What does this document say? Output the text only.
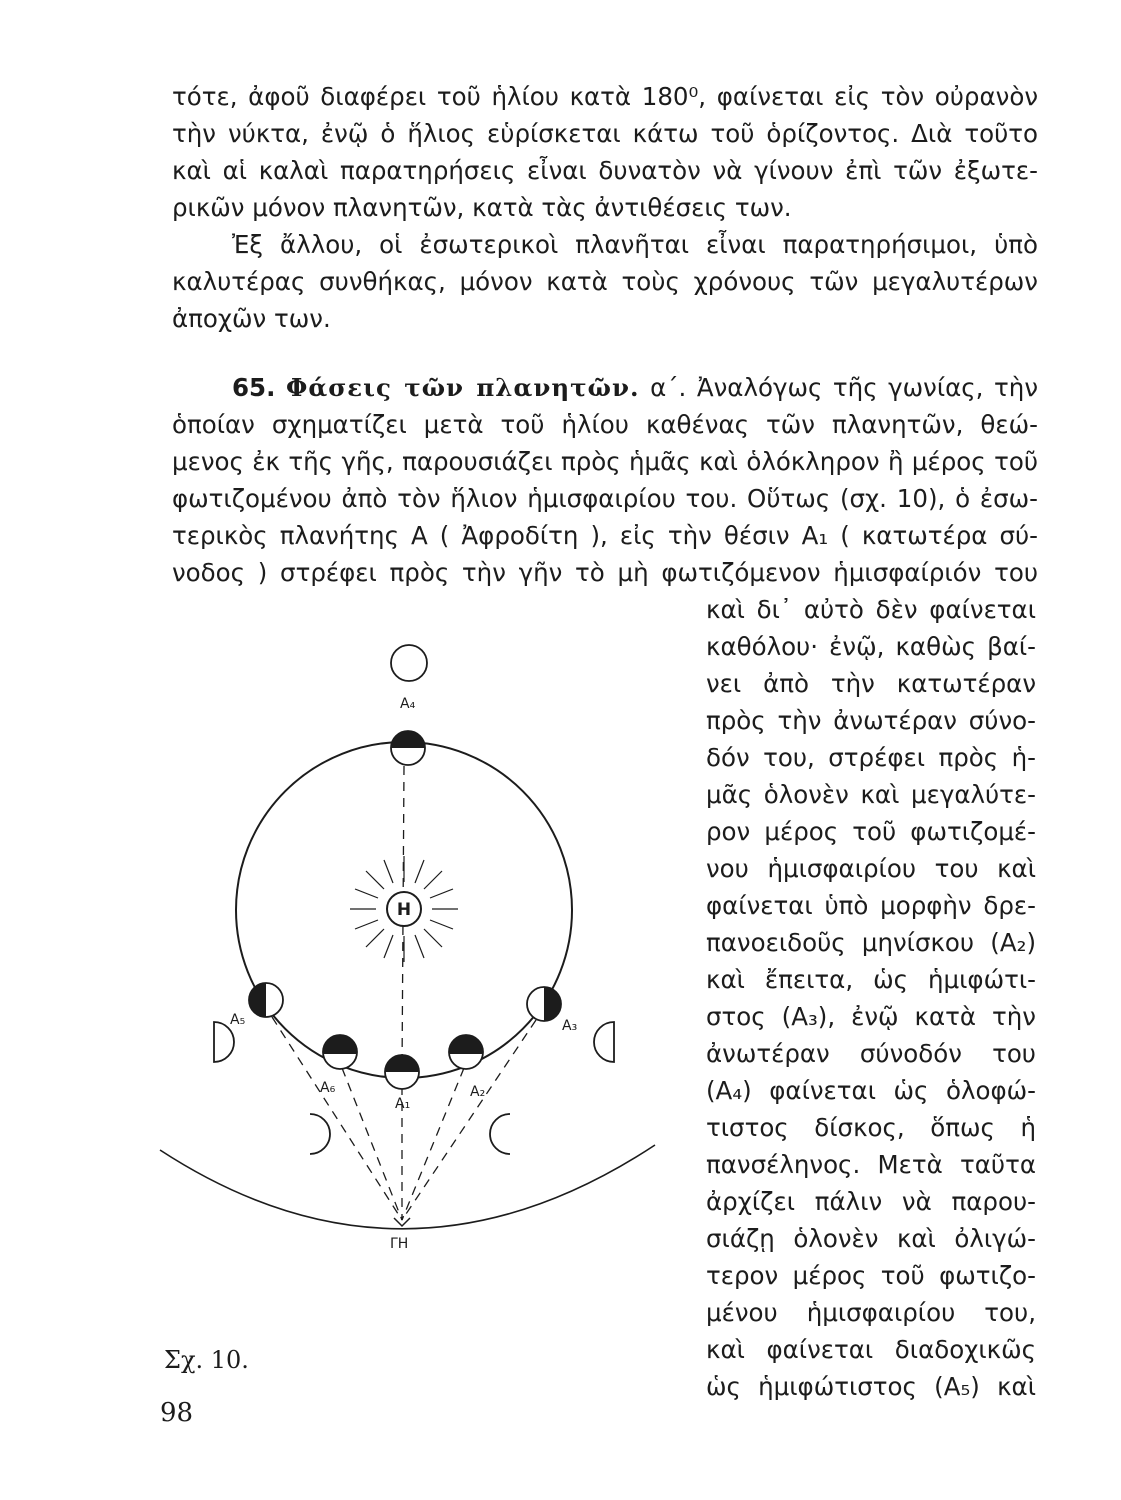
τότε, ἀφοῦ διαφέρει τοῦ ἡλίου κατὰ 180⁰, φαίνεται εἰς τὸν οὐρανὸν
τὴν νύκτα, ἐνῷ ὁ ἥλιος εὑρίσκεται κάτω τοῦ ὁρίζοντος. Διὰ τοῦτο
καὶ αἱ καλαὶ παρατηρήσεις εἶναι δυνατὸν νὰ γίνουν ἐπὶ τῶν ἐξωτε-
ρικῶν μόνον πλανητῶν, κατὰ τὰς ἀντιθέσεις των.
Ἐξ ἄλλου, οἱ ἐσωτερικοὶ πλανῆται εἶναι παρατηρήσιμοι, ὑπὸ
καλυτέρας συνθήκας, μόνον κατὰ τοὺς χρόνους τῶν μεγαλυτέρων
ἀποχῶν των.
65. Φάσεις τῶν πλανητῶν. α΄. Ἀναλόγως τῆς γωνίας, τὴν
ὁποίαν σχηματίζει μετὰ τοῦ ἡλίου καθένας τῶν πλανητῶν, θεώ-
μενος ἐκ τῆς γῆς, παρουσιάζει πρὸς ἡμᾶς καὶ ὁλόκληρον ἢ μέρος τοῦ
φωτιζομένου ἀπὸ τὸν ἥλιον ἡμισφαιρίου του. Οὕτως (σχ. 10), ὁ ἐσω-
τερικὸς πλανήτης Α ( Ἀφροδίτη ), εἰς τὴν θέσιν Α₁ ( κατωτέρα σύ-
νοδος ) στρέφει πρὸς τὴν γῆν τὸ μὴ φωτιζόμενον ἡμισφαίριόν του
καὶ δι᾽ αὐτὸ δὲν φαίνεται
καθόλου· ἐνῷ, καθὼς βαί-
νει ἀπὸ τὴν κατωτέραν
πρὸς τὴν ἀνωτέραν σύνο-
δόν του, στρέφει πρὸς ἡ-
μᾶς ὁλονὲν καὶ μεγαλύτε-
ρον μέρος τοῦ φωτιζομέ-
νου ἡμισφαιρίου του καὶ
φαίνεται ὑπὸ μορφὴν δρε-
πανοειδοῦς μηνίσκου (Α₂)
καὶ ἔπειτα, ὡς ἡμιφώτι-
στος (Α₃), ἐνῷ κατὰ τὴν
ἀνωτέραν σύνοδόν του
(Α₄) φαίνεται ὡς ὁλοφώ-
τιστος δίσκος, ὅπως ἡ
πανσέληνος. Μετὰ ταῦτα
ἀρχίζει πάλιν νὰ παρου-
σιάζῃ ὁλονὲν καὶ ὀλιγώ-
τερον μέρος τοῦ φωτιζο-
μένου ἡμισφαιρίου του,
καὶ φαίνεται διαδοχικῶς
ὡς ἡμιφώτιστος (Α₅) καὶ
Η
Α₄
Α₁
Α₂
Α₃
Α₅
Α₆
ΓΗ
Σχ. 10.
98
